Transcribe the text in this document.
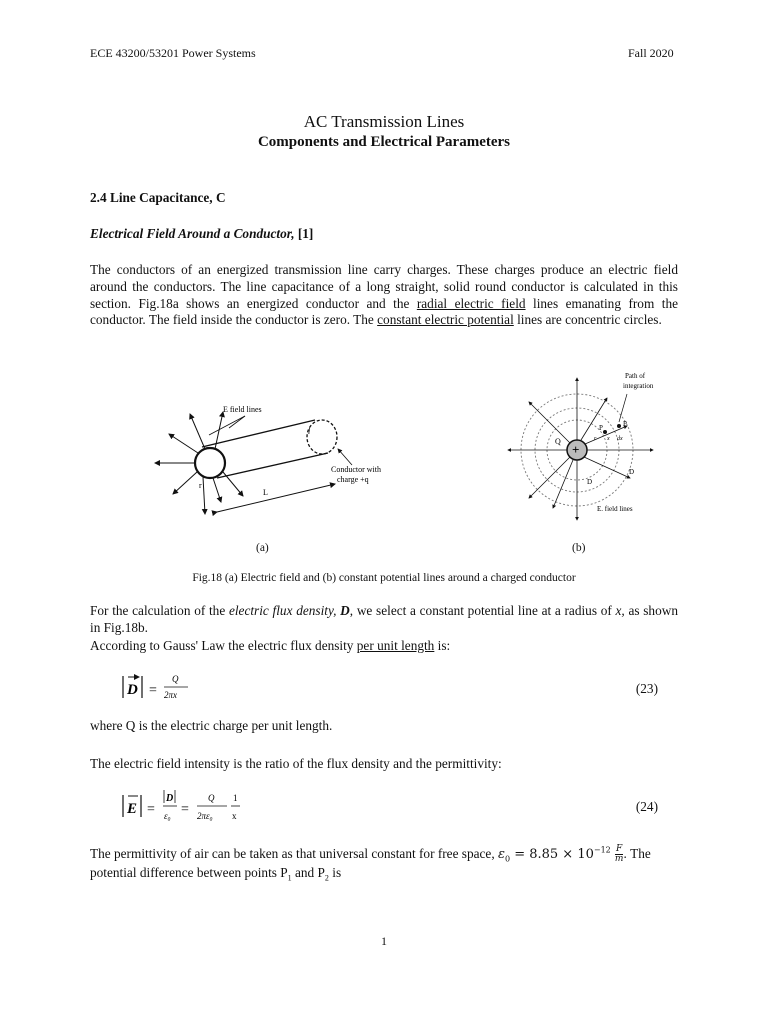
ECE 43200/53201 Power Systems	Fall 2020
AC Transmission Lines
Components and Electrical Parameters
2.4 Line Capacitance, C
Electrical Field Around a Conductor, [1]
The conductors of an energized transmission line carry charges. These charges produce an electric field around the conductors. The line capacitance of a long straight, solid round conductor is calculated in this section. Fig.18a shows an energized conductor and the radial electric field lines emanating from the conductor. The field inside the conductor is zero. The constant electric potential lines are concentric circles.
E field lines
Conductor with
charge +q
L
r
l
+
Path of
integration
Q
P	P
r x dx
D
D
E. field lines
(a)	(b)
Fig.18 (a) Electric field and (b) constant potential lines around a charged conductor
For the calculation of the electric flux density, D, we select a constant potential line at a radius of x, as shown in Fig.18b.
According to Gauss' Law the electric flux density per unit length is:
D =
Q
2πx	(23)
where Q is the electric charge per unit length.
The electric field intensity is the ratio of the flux density and the permittivity:
E =
D
ε₀ =
Q
2πε₀
1
x
(24)
The permittivity of air can be taken as that universal constant for free space, $\varepsilon_0 = 8.85 \times 10^{-12} \frac{F}{m}$. The
potential difference between points $P_1$ and $P_2$ is
1
